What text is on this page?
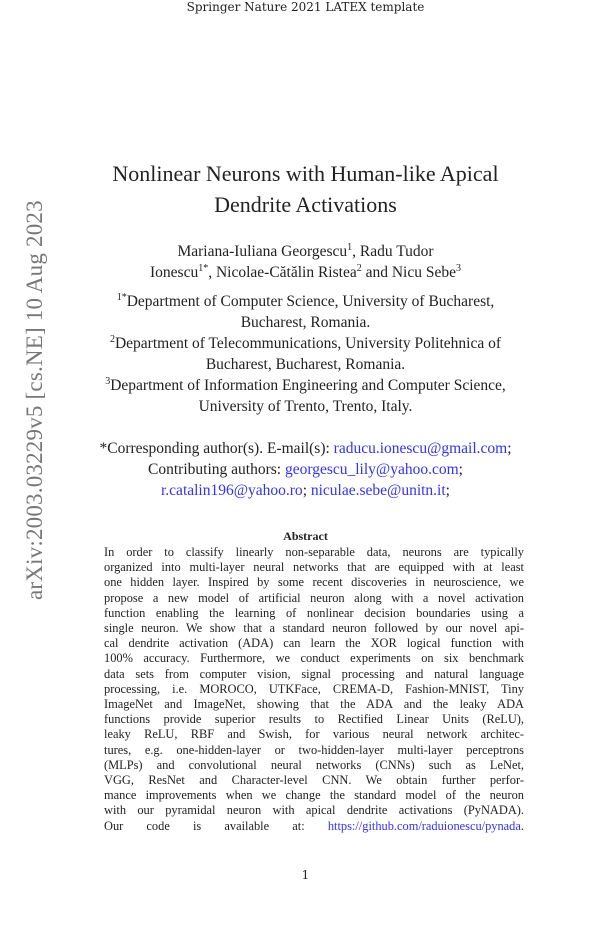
Springer Nature 2021 LATEX template
arXiv:2003.03229v5 [cs.NE] 10 Aug 2023
Nonlinear Neurons with Human-like Apical
Dendrite Activations
Mariana-Iuliana Georgescu$^1$, Radu Tudor
Ionescu$^{1*}$, Nicolae-Cătălin Ristea$^2$ and Nicu Sebe$^3$
$^{1*}$Department of Computer Science, University of Bucharest,
Bucharest, Romania.
$^2$Department of Telecommunications, University Politehnica of
Bucharest, Bucharest, Romania.
$^3$Department of Information Engineering and Computer Science,
University of Trento, Trento, Italy.
*Corresponding author(s). E-mail(s): raducu.ionescu@gmail.com;
Contributing authors: georgescu_lily@yahoo.com;
r.catalin196@yahoo.ro; niculae.sebe@unitn.it;
Abstract
In order to classify linearly non-separable data, neurons are typically
organized into multi-layer neural networks that are equipped with at least
one hidden layer. Inspired by some recent discoveries in neuroscience, we
propose a new model of artificial neuron along with a novel activation
function enabling the learning of nonlinear decision boundaries using a
single neuron. We show that a standard neuron followed by our novel api-
cal dendrite activation (ADA) can learn the XOR logical function with
100% accuracy. Furthermore, we conduct experiments on six benchmark
data sets from computer vision, signal processing and natural language
processing, i.e. MOROCO, UTKFace, CREMA-D, Fashion-MNIST, Tiny
ImageNet and ImageNet, showing that the ADA and the leaky ADA
functions provide superior results to Rectified Linear Units (ReLU),
leaky ReLU, RBF and Swish, for various neural network architec-
tures, e.g. one-hidden-layer or two-hidden-layer multi-layer perceptrons
(MLPs) and convolutional neural networks (CNNs) such as LeNet,
VGG, ResNet and Character-level CNN. We obtain further perfor-
mance improvements when we change the standard model of the neuron
with our pyramidal neuron with apical dendrite activations (PyNADA).
Our code is available at: https://github.com/raduionescu/pynada.
1
